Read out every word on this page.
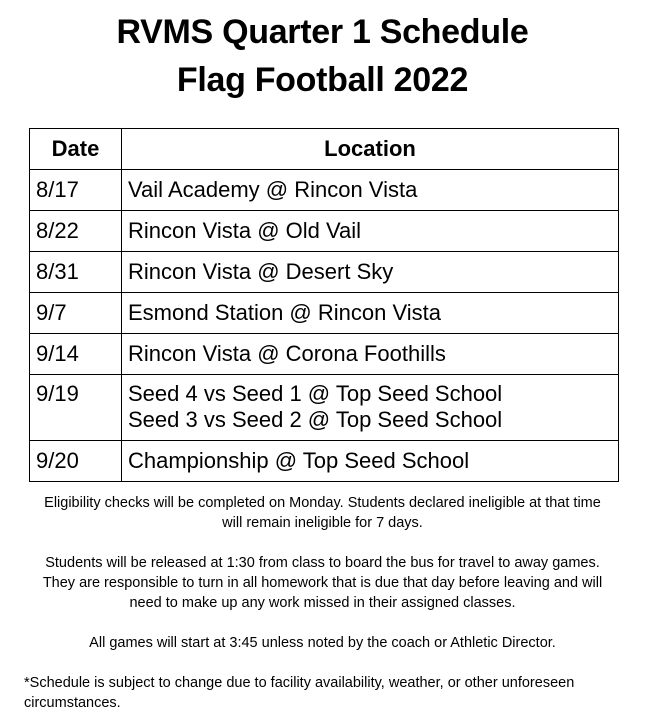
RVMS Quarter 1 Schedule
Flag Football 2022
Date	Location
8/17	Vail Academy @ Rincon Vista

8/22	Rincon Vista @ Old Vail

8/31	Rincon Vista @ Desert Sky

9/7	Esmond Station @ Rincon Vista

9/14	Rincon Vista @ Corona Foothills

9/19	Seed 4 vs Seed 1 @ Top Seed School
Seed 3 vs Seed 2 @ Top Seed School

9/20	Championship @ Top Seed School

Eligibility checks will be completed on Monday. Students declared ineligible at that time

will remain ineligible for 7 days.

Students will be released at 1:30 from class to board the bus for travel to away games.

They are responsible to turn in all homework that is due that day before leaving and will

need to make up any work missed in their assigned classes.

All games will start at 3:45 unless noted by the coach or Athletic Director.

*Schedule is subject to change due to facility availability, weather, or other unforeseen

circumstances.
